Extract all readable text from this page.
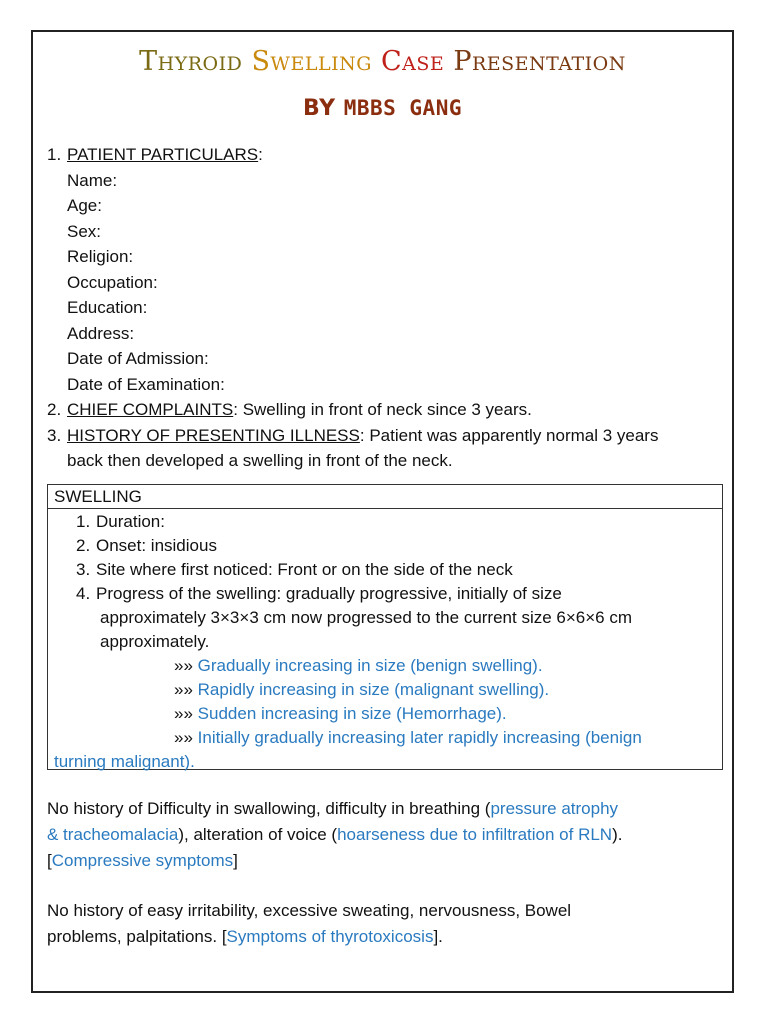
Thyroid Swelling Case Presentation
BY MBBS GANG
1. PATIENT PARTICULARS:
Name:
Age:
Sex:
Religion:
Occupation:
Education:
Address:
Date of Admission:
Date of Examination:
2. CHIEF COMPLAINTS: Swelling in front of neck since 3 years.
3. HISTORY OF PRESENTING ILLNESS: Patient was apparently normal 3 years
back then developed a swelling in front of the neck.
SWELLING
1. Duration:
2. Onset: insidious
3. Site where first noticed: Front or on the side of the neck
4. Progress of the swelling: gradually progressive, initially of size
approximately 3×3×3 cm now progressed to the current size 6×6×6 cm
approximately.
»» Gradually increasing in size (benign swelling).
»» Rapidly increasing in size (malignant swelling).
»» Sudden increasing in size (Hemorrhage).
»» Initially gradually increasing later rapidly increasing (benign
turning malignant).
No history of Difficulty in swallowing, difficulty in breathing (pressure atrophy
& tracheomalacia), alteration of voice (hoarseness due to infiltration of RLN).
[Compressive symptoms]
No history of easy irritability, excessive sweating, nervousness, Bowel
problems, palpitations. [Symptoms of thyrotoxicosis].
